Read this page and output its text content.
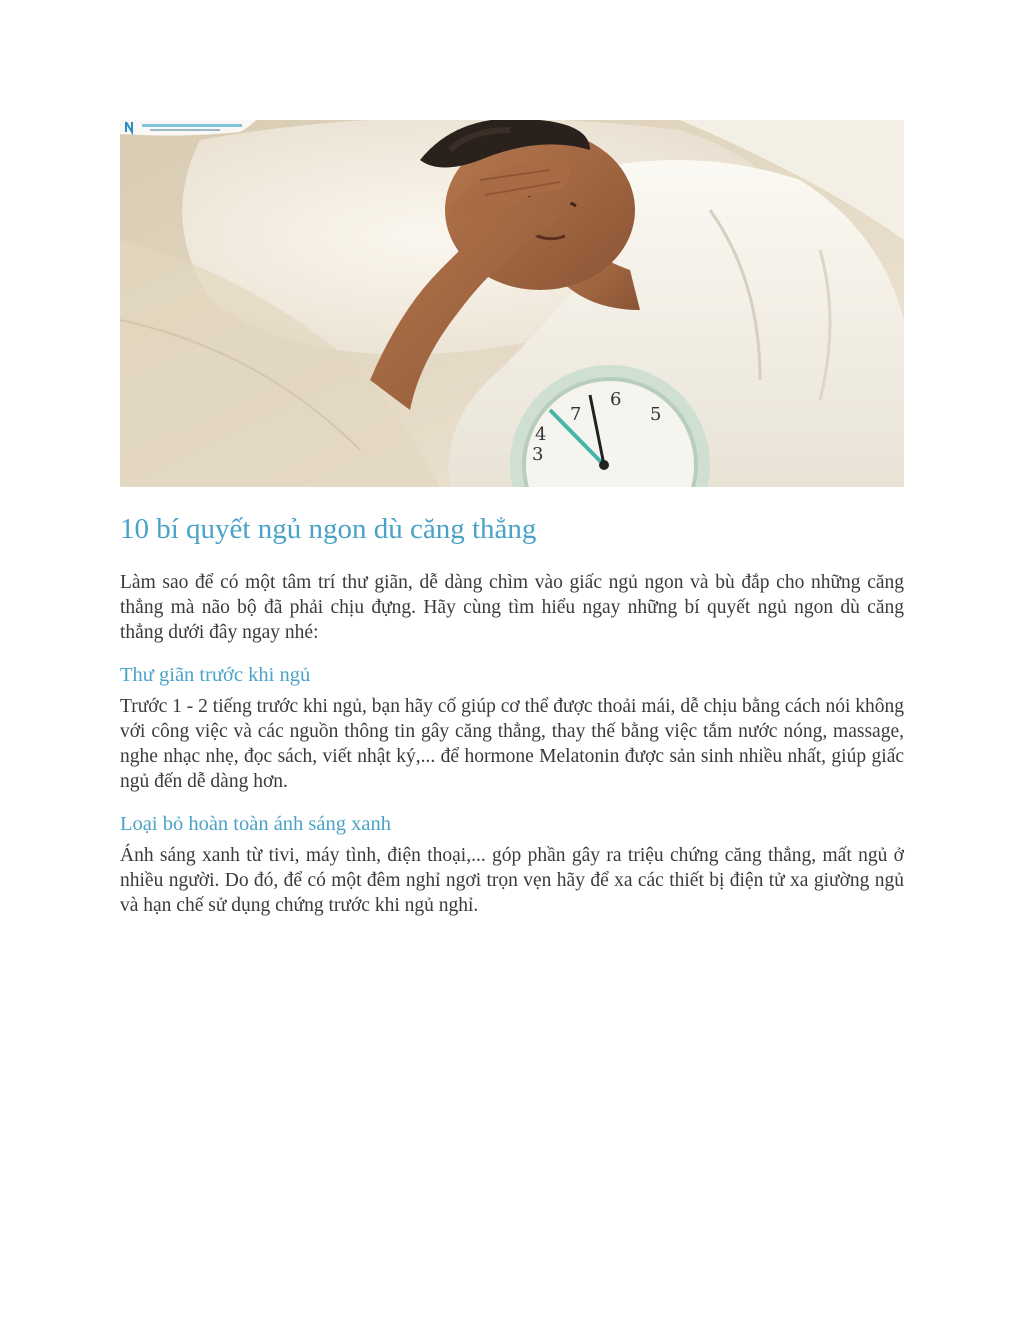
7
6
5
4
3
10 bí quyết ngủ ngon dù căng thẳng

Làm sao để có một tâm trí thư giãn, dễ dàng chìm vào giấc ngủ ngon và bù đắp cho những căng thẳng mà não bộ đã phải chịu đựng. Hãy cùng tìm hiểu ngay những bí quyết ngủ ngon dù căng thẳng dưới đây ngay nhé:

Thư giãn trước khi ngủ

Trước 1 - 2 tiếng trước khi ngủ, bạn hãy cố giúp cơ thể được thoải mái, dễ chịu bằng cách nói không với công việc và các nguồn thông tin gây căng thẳng, thay thế bằng việc tắm nước nóng, massage, nghe nhạc nhẹ, đọc sách, viết nhật ký,... để hormone Melatonin được sản sinh nhiều nhất, giúp giấc ngủ đến dễ dàng hơn.

Loại bỏ hoàn toàn ánh sáng xanh

Ánh sáng xanh từ tivi, máy tình, điện thoại,... góp phần gây ra triệu chứng căng thẳng, mất ngủ ở nhiều người. Do đó, để có một đêm nghỉ ngơi trọn vẹn hãy để xa các thiết bị điện tử xa giường ngủ và hạn chế sử dụng chứng trước khi ngủ nghỉ.
